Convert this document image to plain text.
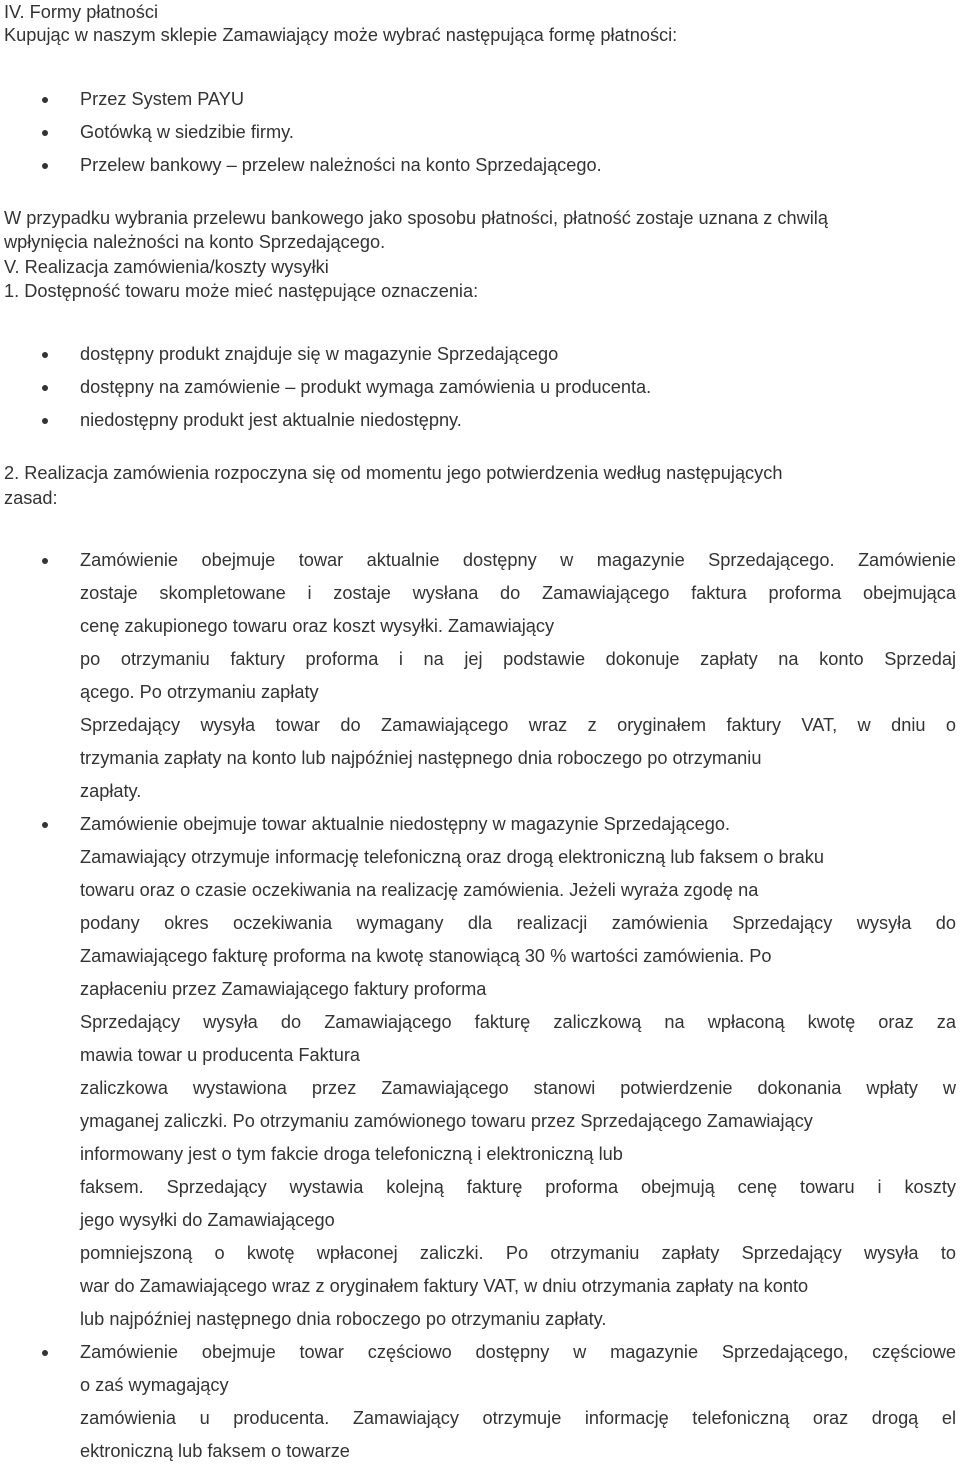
IV. Formy płatności
Kupując w naszym sklepie Zamawiający może wybrać następująca formę płatności:
Przez System PAYU
Gotówką w siedzibie firmy.
Przelew bankowy – przelew należności na konto Sprzedającego.
W przypadku wybrania przelewu bankowego jako sposobu płatności, płatność zostaje uznana z chwilą
wpłynięcia należności na konto Sprzedającego.
V. Realizacja zamówienia/koszty wysyłki
1. Dostępność towaru może mieć następujące oznaczenia:
dostępny produkt znajduje się w magazynie Sprzedającego
dostępny na zamówienie – produkt wymaga zamówienia u producenta.
niedostępny produkt jest aktualnie niedostępny.
2. Realizacja zamówienia rozpoczyna się od momentu jego potwierdzenia według następujących
zasad:
Zamówienie obejmuje towar aktualnie dostępny w magazynie Sprzedającego. Zamówienie
zostaje skompletowane i zostaje wysłana do Zamawiającego faktura proforma obejmująca
cenę zakupionego towaru oraz koszt wysyłki. Zamawiający
po otrzymaniu faktury proforma i na jej podstawie dokonuje zapłaty na konto Sprzedaj
ącego. Po otrzymaniu zapłaty
Sprzedający wysyła towar do Zamawiającego wraz z oryginałem faktury VAT, w dniu o
trzymania zapłaty na konto lub najpóźniej następnego dnia roboczego po otrzymaniu
zapłaty.
Zamówienie obejmuje towar aktualnie niedostępny w magazynie Sprzedającego.
Zamawiający otrzymuje informację telefoniczną oraz drogą elektroniczną lub faksem o braku
towaru oraz o czasie oczekiwania na realizację zamówienia. Jeżeli wyraża zgodę na
podany okres oczekiwania wymagany dla realizacji zamówienia Sprzedający wysyła do
Zamawiającego fakturę proforma na kwotę stanowiącą 30 % wartości zamówienia. Po
zapłaceniu przez Zamawiającego faktury proforma
Sprzedający wysyła do Zamawiającego fakturę zaliczkową na wpłaconą kwotę oraz za
mawia towar u producenta Faktura
zaliczkowa wystawiona przez Zamawiającego stanowi potwierdzenie dokonania wpłaty w
ymaganej zaliczki. Po otrzymaniu zamówionego towaru przez Sprzedającego Zamawiający
informowany jest o tym fakcie droga telefoniczną i elektroniczną lub
faksem. Sprzedający wystawia kolejną fakturę proforma obejmują cenę towaru i koszty
jego wysyłki do Zamawiającego
pomniejszoną o kwotę wpłaconej zaliczki. Po otrzymaniu zapłaty Sprzedający wysyła to
war do Zamawiającego wraz z oryginałem faktury VAT, w dniu otrzymania zapłaty na konto
lub najpóźniej następnego dnia roboczego po otrzymaniu zapłaty.
Zamówienie obejmuje towar częściowo dostępny w magazynie Sprzedającego, częściowe
o zaś wymagający
zamówienia u producenta. Zamawiający otrzymuje informację telefoniczną oraz drogą el
ektroniczną lub faksem o towarze
